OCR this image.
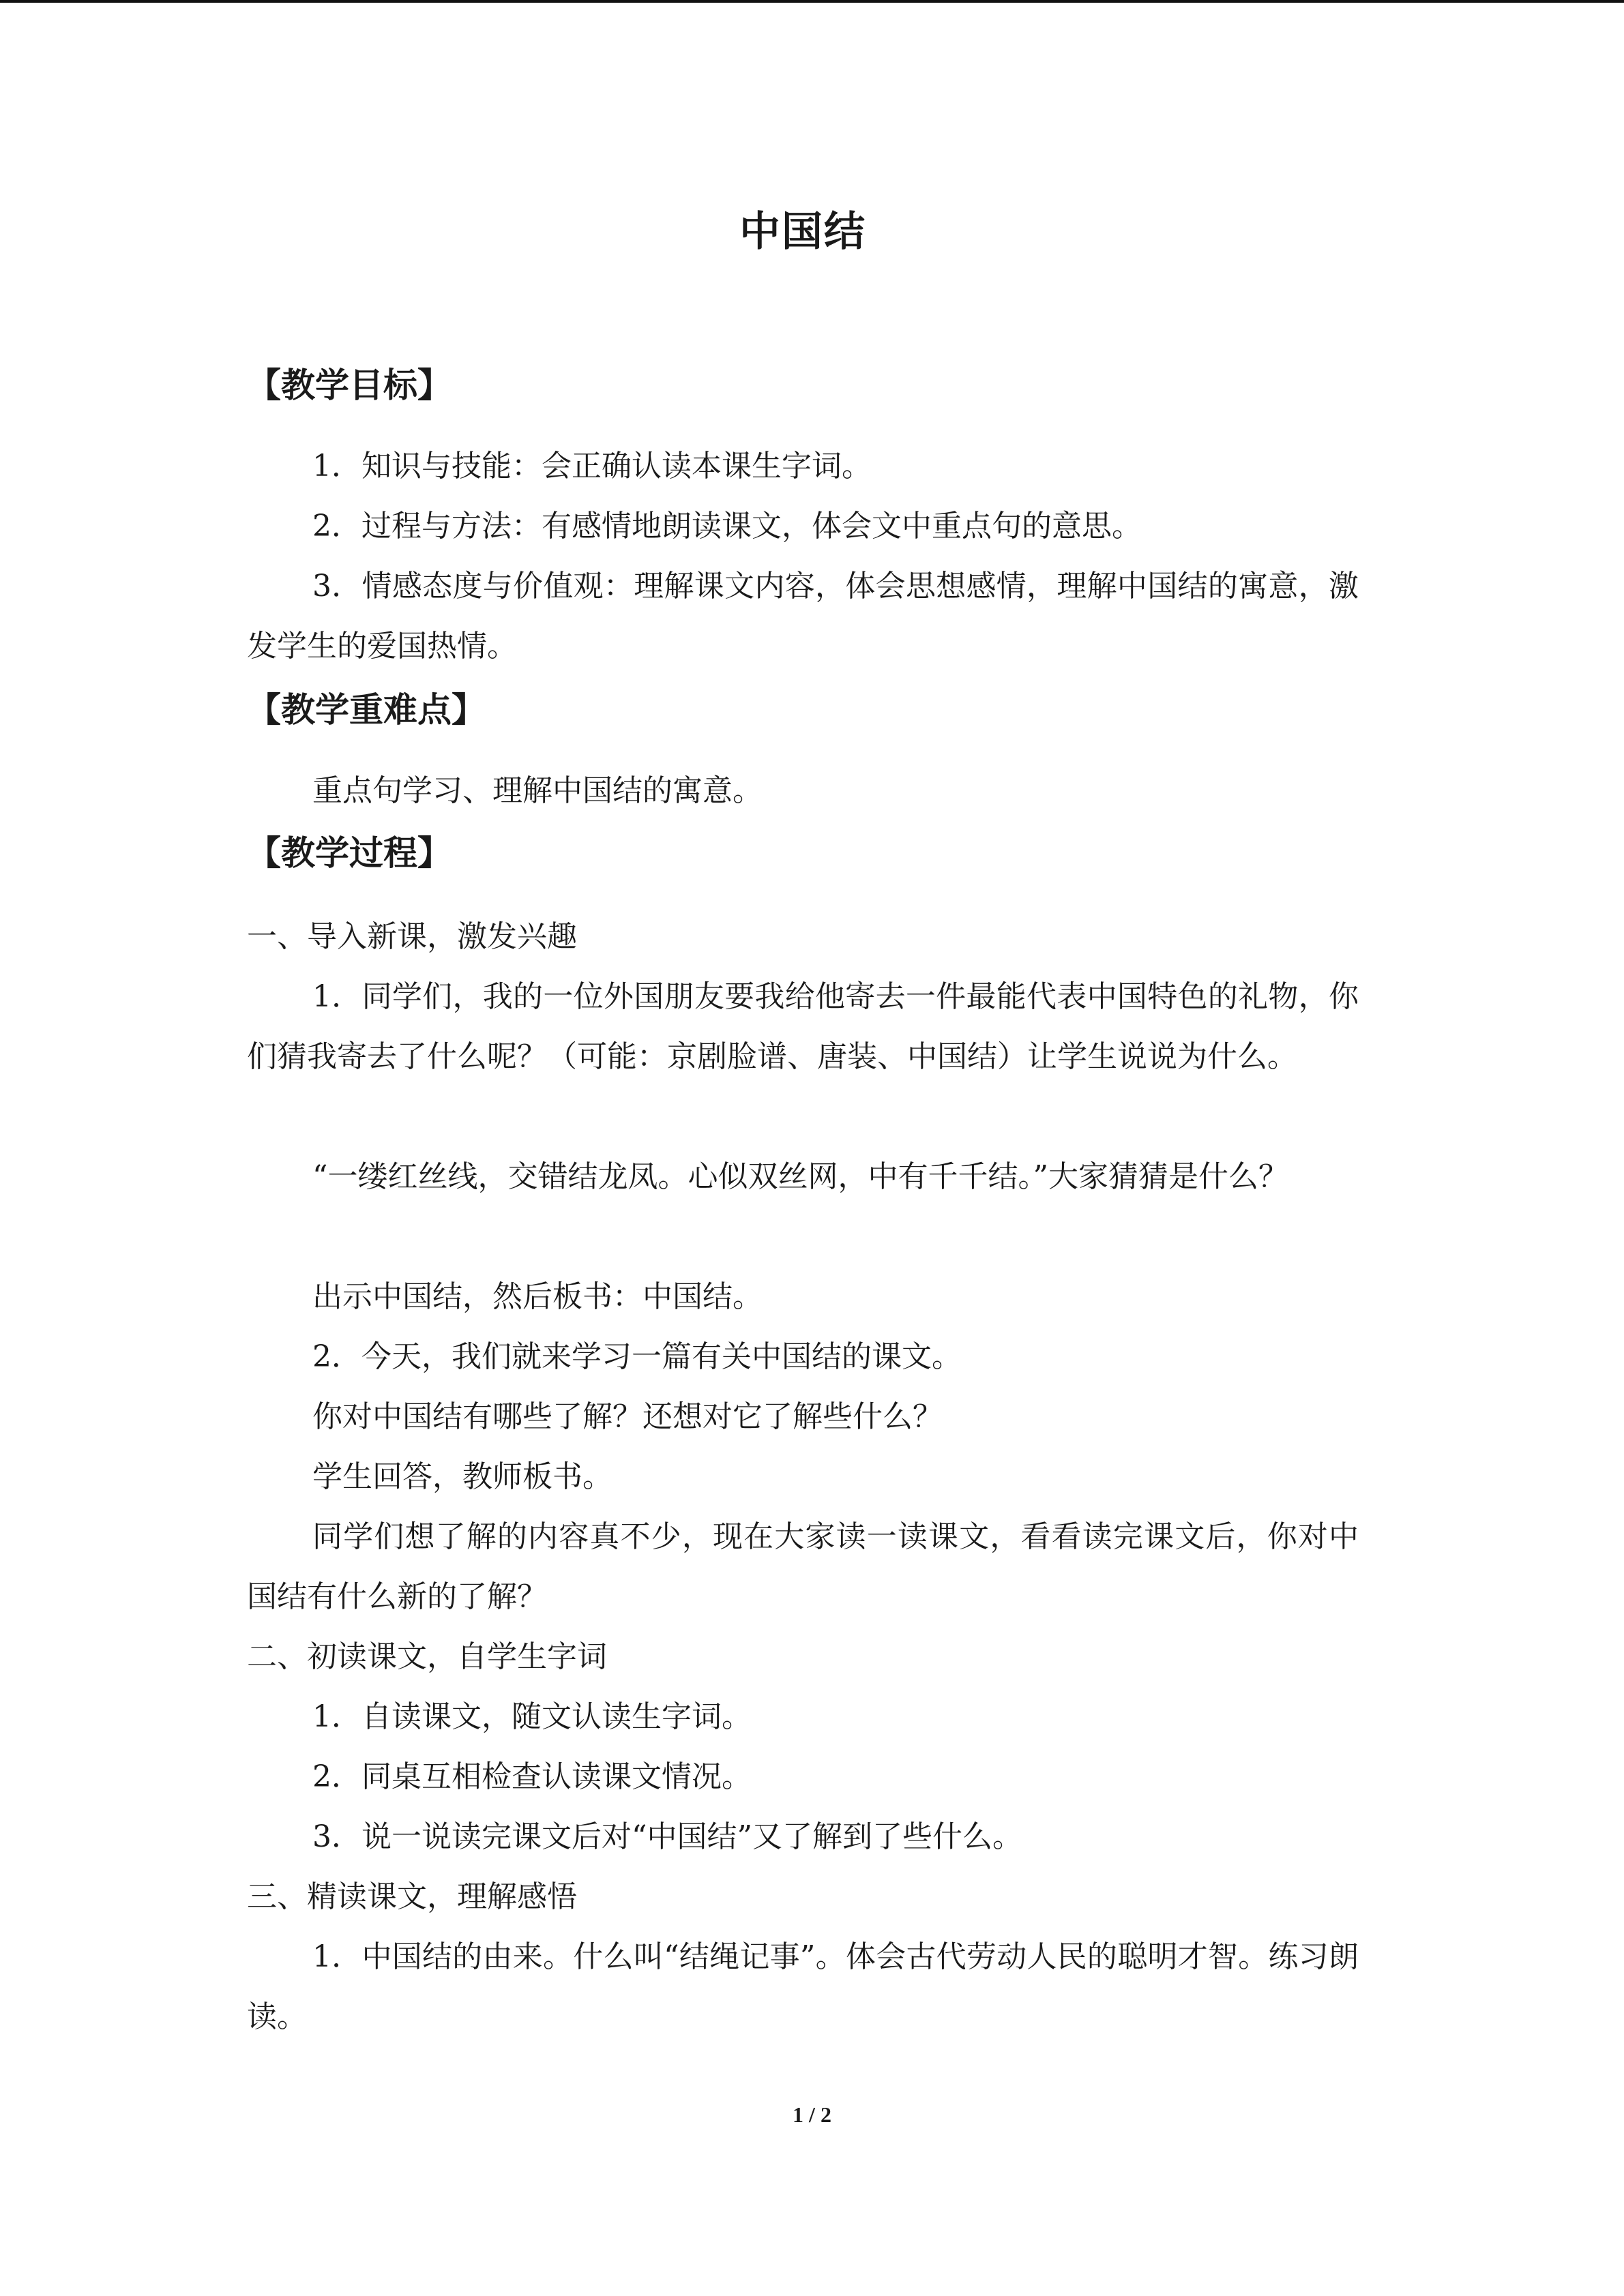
中国结
【教学目标】
1．知识与技能：会正确认读本课生字词。
2．过程与方法：有感情地朗读课文，体会文中重点句的意思。
3．情感态度与价值观：理解课文内容，体会思想感情，理解中国结的寓意，激发学生的爱国热情。
【教学重难点】
重点句学习、理解中国结的寓意。
【教学过程】
一、导入新课，激发兴趣
1．同学们，我的一位外国朋友要我给他寄去一件最能代表中国特色的礼物，你们猜我寄去了什么呢？（可能：京剧脸谱、唐装、中国结）让学生说说为什么。
“一缕红丝线，交错结龙凤。心似双丝网，中有千千结。”大家猜猜是什么？
出示中国结，然后板书：中国结。
2．今天，我们就来学习一篇有关中国结的课文。
你对中国结有哪些了解？还想对它了解些什么？
学生回答，教师板书。
同学们想了解的内容真不少，现在大家读一读课文，看看读完课文后，你对中国结有什么新的了解？
二、初读课文，自学生字词
1．自读课文，随文认读生字词。
2．同桌互相检查认读课文情况。
3．说一说读完课文后对“中国结”又了解到了些什么。
三、精读课文，理解感悟
1．中国结的由来。什么叫“结绳记事”。体会古代劳动人民的聪明才智。练习朗读。
1 / 2
